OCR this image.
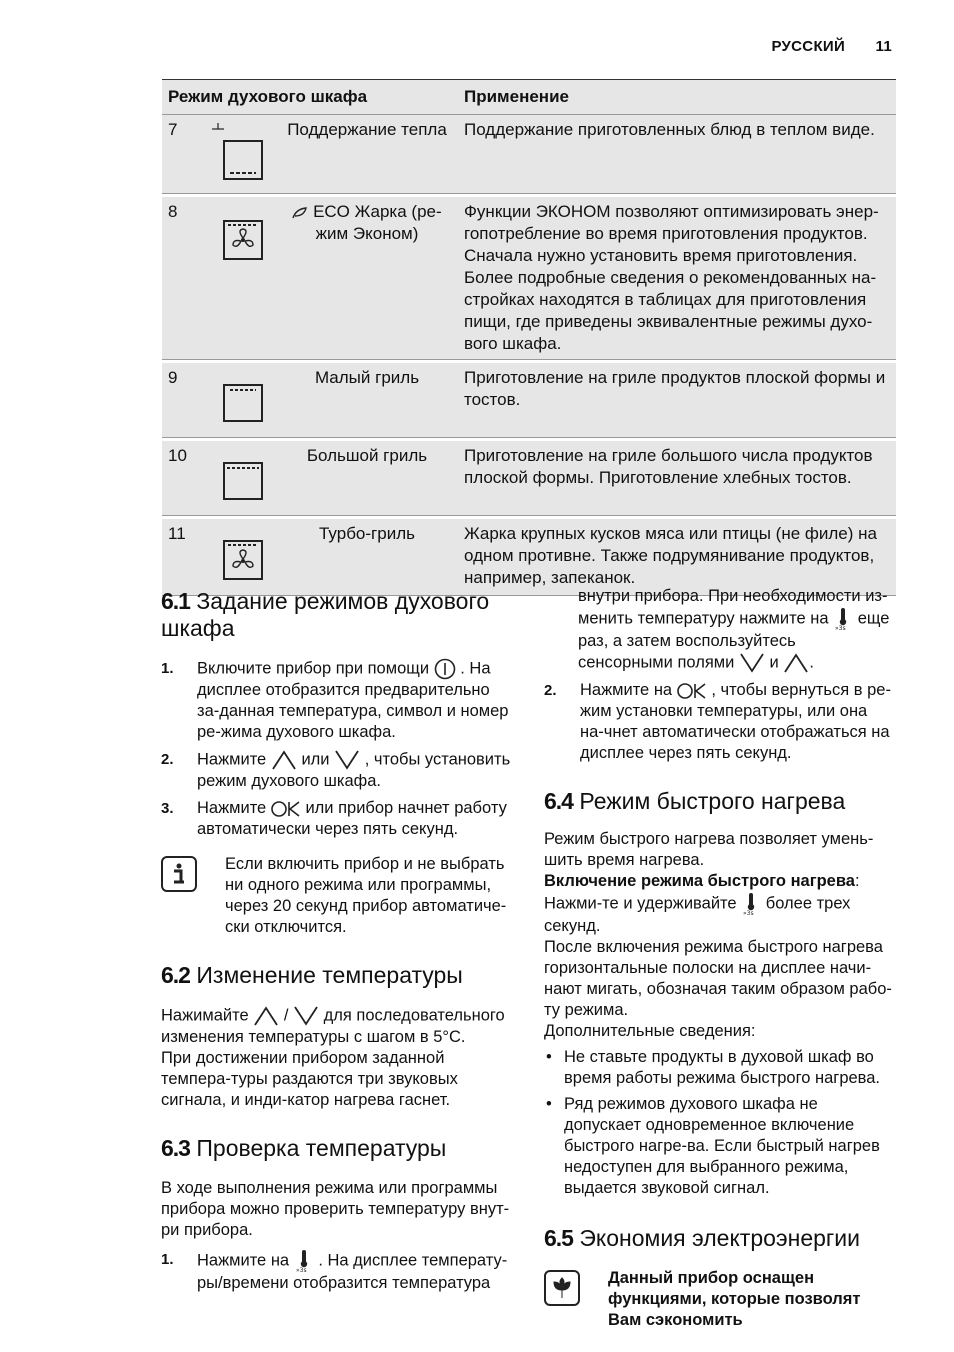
РУССКИЙ 11
Режим духового шкафа			Применение
7		Поддержание тепла	Поддержание приготовленных блюд в теплом виде.

8		ECO Жарка (ре-жим Эконом)	Функции ЭКОНОМ позволяют оптимизировать энер-гопотребление во время приготовления продуктов. Сначала нужно установить время приготовления. Более подробные сведения о рекомендованных на-стройках находятся в таблицах для приготовления пищи, где приведены эквивалентные режимы духо-вого шкафа.

9		Малый гриль	Приготовление на гриле продуктов плоской формы и тостов.

10		Большой гриль	Приготовление на гриле большого числа продуктов плоской формы. Приготовление хлебных тостов.

11		Турбо-гриль	Жарка крупных кусков мяса или птицы (не филе) на одном противне. Также подрумянивание продуктов, например, запеканок.
6.1 Задание режимов духового шкафа
1. Включите прибор при помощи . На дисплее отобразится предварительно за-данная температура, символ и номер ре-жима духового шкафа.
2. Нажмите или , чтобы установить режим духового шкафа.
3. Нажмите или прибор начнет работу автоматически через пять секунд.
Если включить прибор и не выбрать ни одного режима или программы, через 20 секунд прибор автоматиче-ски отключится.
6.2 Изменение температуры
Нажимайте / для последовательного изменения температуры с шагом в 5°C.
При достижении прибором заданной темпера-туры раздаются три звуковых сигнала, и инди-катор нагрева гаснет.
6.3 Проверка температуры
В ходе выполнения режима или программы прибора можно проверить температуру внут-ри прибора.
1. Нажмите на
»3s
. На дисплее температу-ры/времени отобразится температура
внутри прибора. При необходимости из-менить температуру нажмите на
»3s
еще раз, а затем воспользуйтесь сенсорными полями и .
2. Нажмите на , чтобы вернуться в ре-жим установки температуры, или она на-чнет автоматически отображаться на дисплее через пять секунд.
6.4 Режим быстрого нагрева
Режим быстрого нагрева позволяет умень-шить время нагрева.
Включение режима быстрого нагрева: Нажми-те и удерживайте
»3s
более трех секунд.
После включения режима быстрого нагрева горизонтальные полоски на дисплее начи-нают мигать, обозначая таким образом рабо-ту режима.
Дополнительные сведения:
• Не ставьте продукты в духовой шкаф во время работы режима быстрого нагрева.
• Ряд режимов духового шкафа не допускает одновременное включение быстрого нагре-ва. Если быстрый нагрев недоступен для выбранного режима, выдается звуковой сигнал.
6.5 Экономия электроэнергии
Данный прибор оснащен функциями, которые позволят Вам сэкономить
